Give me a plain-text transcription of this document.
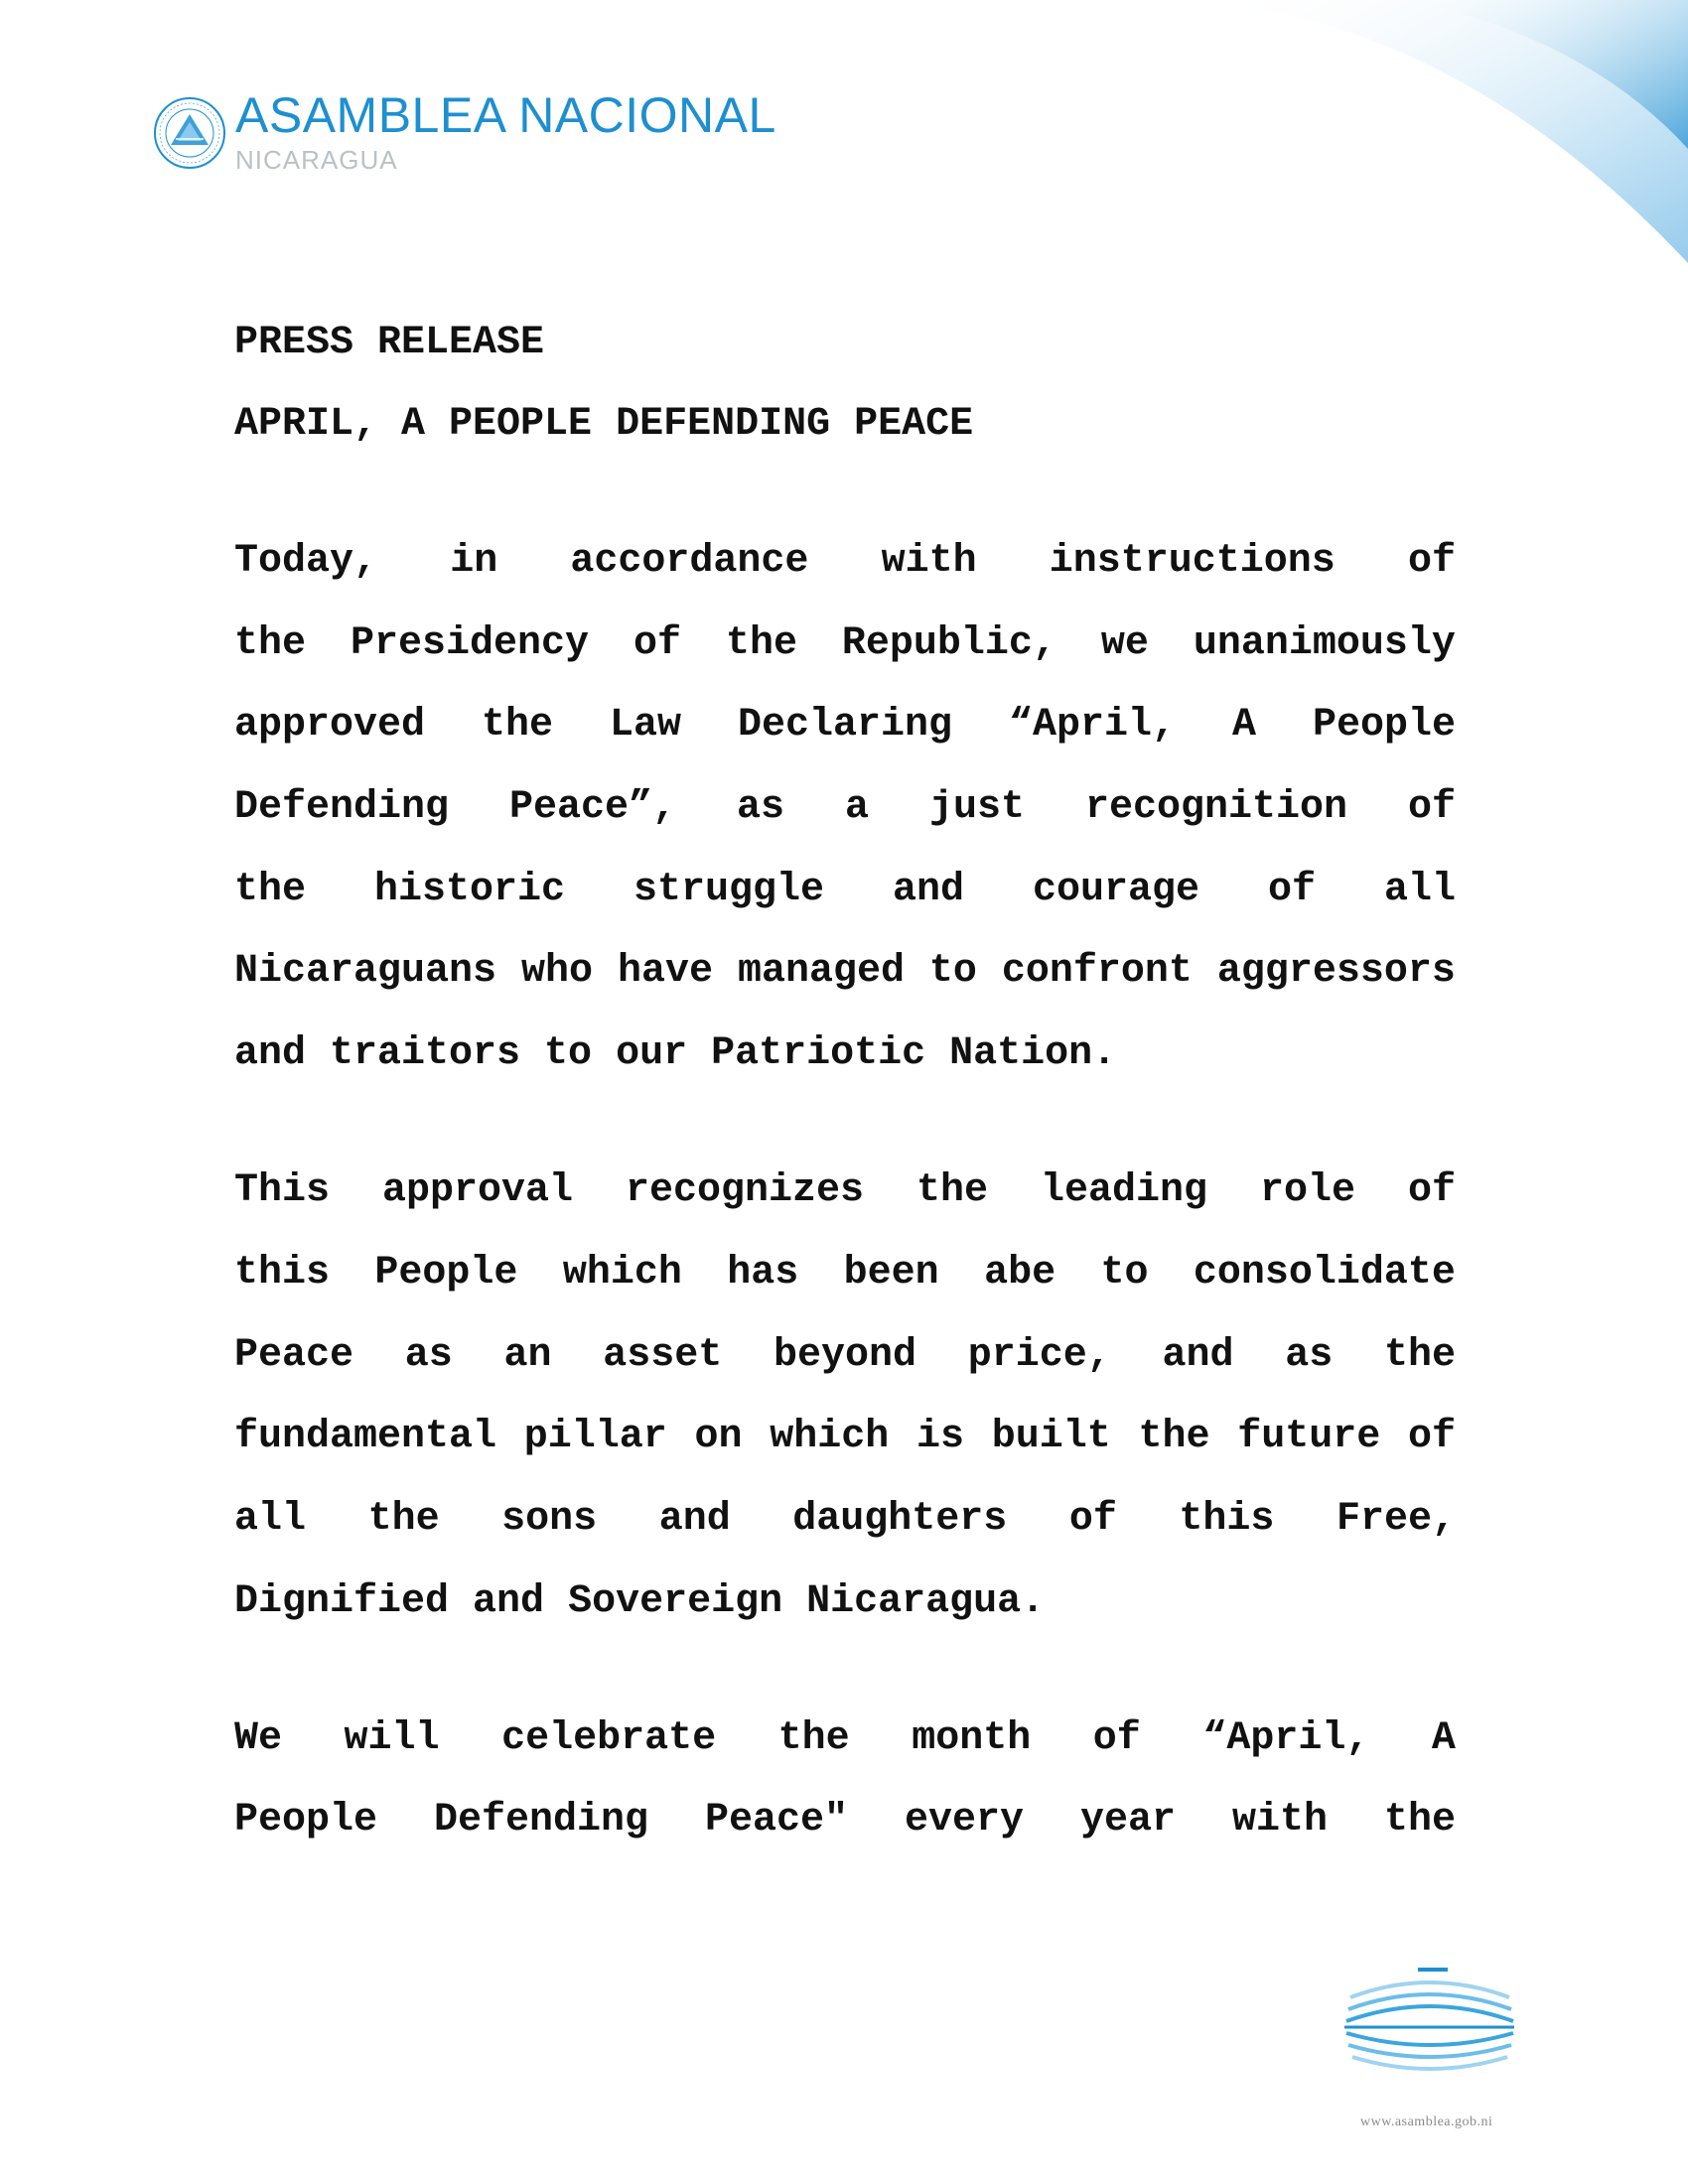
ASAMBLEA NACIONAL
NICARAGUA
PRESS RELEASE
APRIL, A PEOPLE DEFENDING PEACE
Today, in accordance with instructions of
the Presidency of the Republic, we unanimously
approved the Law Declaring “April, A People
Defending Peace”, as a just recognition of
the historic struggle and courage of all
Nicaraguans who have managed to confront aggressors
and traitors to our Patriotic Nation.
This approval recognizes the leading role of
this People which has been abe to consolidate
Peace as an asset beyond price, and as the
fundamental pillar on which is built the future of
all the sons and daughters of this Free,
Dignified and Sovereign Nicaragua.
We will celebrate the month of “April, A
People Defending Peace" every year with the
www.asamblea.gob.ni
